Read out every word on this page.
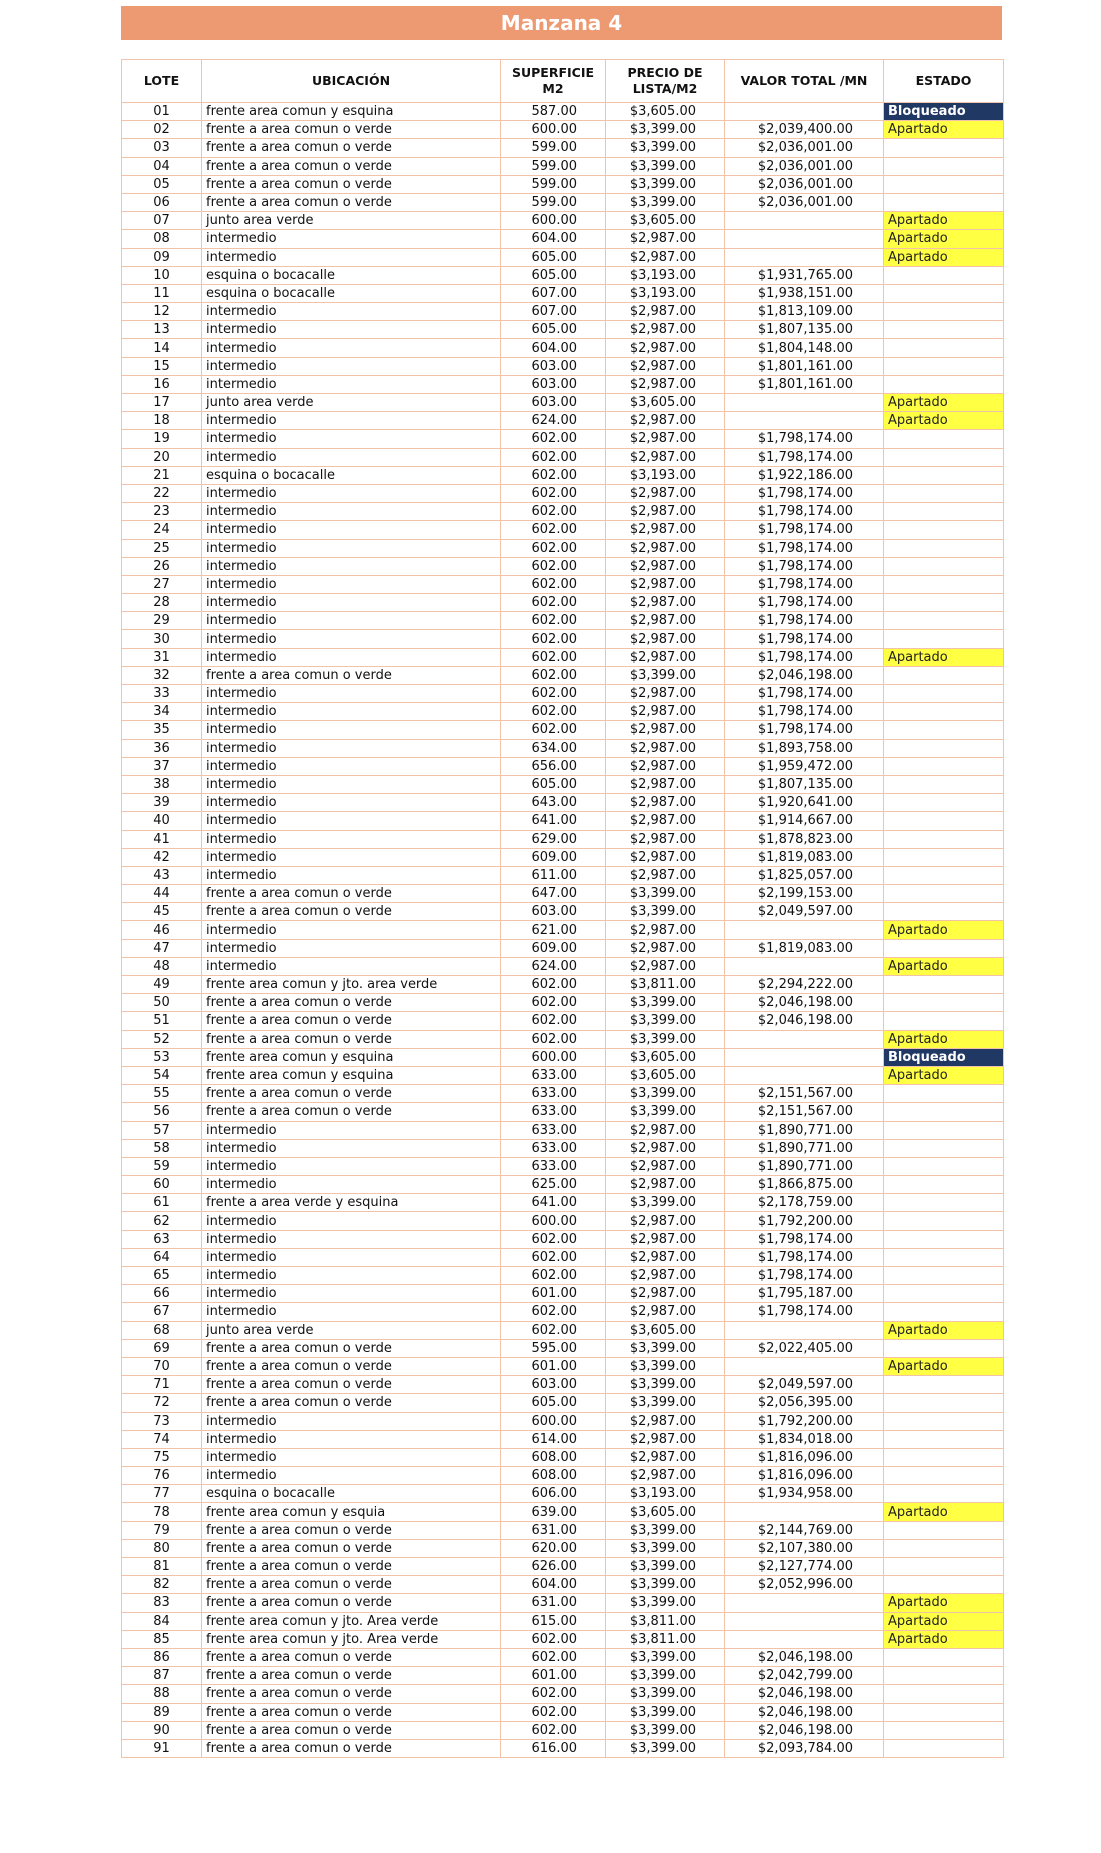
Manzana 4
LOTE	UBICACIÓN	SUPERFICIE M2	PRECIO DE LISTA/M2	VALOR TOTAL /MN	ESTADO
01	frente area comun y esquina	587.00	$3,605.00		Bloqueado
02	frente a area comun o verde	600.00	$3,399.00	$2,039,400.00	Apartado
03	frente a area comun o verde	599.00	$3,399.00	$2,036,001.00	
04	frente a area comun o verde	599.00	$3,399.00	$2,036,001.00	
05	frente a area comun o verde	599.00	$3,399.00	$2,036,001.00	
06	frente a area comun o verde	599.00	$3,399.00	$2,036,001.00	
07	junto area verde	600.00	$3,605.00		Apartado
08	intermedio	604.00	$2,987.00		Apartado
09	intermedio	605.00	$2,987.00		Apartado
10	esquina o bocacalle	605.00	$3,193.00	$1,931,765.00	
11	esquina o bocacalle	607.00	$3,193.00	$1,938,151.00	
12	intermedio	607.00	$2,987.00	$1,813,109.00	
13	intermedio	605.00	$2,987.00	$1,807,135.00	
14	intermedio	604.00	$2,987.00	$1,804,148.00	
15	intermedio	603.00	$2,987.00	$1,801,161.00	
16	intermedio	603.00	$2,987.00	$1,801,161.00	
17	junto area verde	603.00	$3,605.00		Apartado
18	intermedio	624.00	$2,987.00		Apartado
19	intermedio	602.00	$2,987.00	$1,798,174.00	
20	intermedio	602.00	$2,987.00	$1,798,174.00	
21	esquina o bocacalle	602.00	$3,193.00	$1,922,186.00	
22	intermedio	602.00	$2,987.00	$1,798,174.00	
23	intermedio	602.00	$2,987.00	$1,798,174.00	
24	intermedio	602.00	$2,987.00	$1,798,174.00	
25	intermedio	602.00	$2,987.00	$1,798,174.00	
26	intermedio	602.00	$2,987.00	$1,798,174.00	
27	intermedio	602.00	$2,987.00	$1,798,174.00	
28	intermedio	602.00	$2,987.00	$1,798,174.00	
29	intermedio	602.00	$2,987.00	$1,798,174.00	
30	intermedio	602.00	$2,987.00	$1,798,174.00	
31	intermedio	602.00	$2,987.00	$1,798,174.00	Apartado
32	frente a area comun o verde	602.00	$3,399.00	$2,046,198.00	
33	intermedio	602.00	$2,987.00	$1,798,174.00	
34	intermedio	602.00	$2,987.00	$1,798,174.00	
35	intermedio	602.00	$2,987.00	$1,798,174.00	
36	intermedio	634.00	$2,987.00	$1,893,758.00	
37	intermedio	656.00	$2,987.00	$1,959,472.00	
38	intermedio	605.00	$2,987.00	$1,807,135.00	
39	intermedio	643.00	$2,987.00	$1,920,641.00	
40	intermedio	641.00	$2,987.00	$1,914,667.00	
41	intermedio	629.00	$2,987.00	$1,878,823.00	
42	intermedio	609.00	$2,987.00	$1,819,083.00	
43	intermedio	611.00	$2,987.00	$1,825,057.00	
44	frente a area comun o verde	647.00	$3,399.00	$2,199,153.00	
45	frente a area comun o verde	603.00	$3,399.00	$2,049,597.00	
46	intermedio	621.00	$2,987.00		Apartado
47	intermedio	609.00	$2,987.00	$1,819,083.00	
48	intermedio	624.00	$2,987.00		Apartado
49	frente area comun y jto. area verde	602.00	$3,811.00	$2,294,222.00	
50	frente a area comun o verde	602.00	$3,399.00	$2,046,198.00	
51	frente a area comun o verde	602.00	$3,399.00	$2,046,198.00	
52	frente a area comun o verde	602.00	$3,399.00		Apartado
53	frente area comun y esquina	600.00	$3,605.00		Bloqueado
54	frente area comun y esquina	633.00	$3,605.00		Apartado
55	frente a area comun o verde	633.00	$3,399.00	$2,151,567.00	
56	frente a area comun o verde	633.00	$3,399.00	$2,151,567.00	
57	intermedio	633.00	$2,987.00	$1,890,771.00	
58	intermedio	633.00	$2,987.00	$1,890,771.00	
59	intermedio	633.00	$2,987.00	$1,890,771.00	
60	intermedio	625.00	$2,987.00	$1,866,875.00	
61	frente a area verde y esquina	641.00	$3,399.00	$2,178,759.00	
62	intermedio	600.00	$2,987.00	$1,792,200.00	
63	intermedio	602.00	$2,987.00	$1,798,174.00	
64	intermedio	602.00	$2,987.00	$1,798,174.00	
65	intermedio	602.00	$2,987.00	$1,798,174.00	
66	intermedio	601.00	$2,987.00	$1,795,187.00	
67	intermedio	602.00	$2,987.00	$1,798,174.00	
68	junto area verde	602.00	$3,605.00		Apartado
69	frente a area comun o verde	595.00	$3,399.00	$2,022,405.00	
70	frente a area comun o verde	601.00	$3,399.00		Apartado
71	frente a area comun o verde	603.00	$3,399.00	$2,049,597.00	
72	frente a area comun o verde	605.00	$3,399.00	$2,056,395.00	
73	intermedio	600.00	$2,987.00	$1,792,200.00	
74	intermedio	614.00	$2,987.00	$1,834,018.00	
75	intermedio	608.00	$2,987.00	$1,816,096.00	
76	intermedio	608.00	$2,987.00	$1,816,096.00	
77	esquina o bocacalle	606.00	$3,193.00	$1,934,958.00	
78	frente area comun y esquia	639.00	$3,605.00		Apartado
79	frente a area comun o verde	631.00	$3,399.00	$2,144,769.00	
80	frente a area comun o verde	620.00	$3,399.00	$2,107,380.00	
81	frente a area comun o verde	626.00	$3,399.00	$2,127,774.00	
82	frente a area comun o verde	604.00	$3,399.00	$2,052,996.00	
83	frente a area comun o verde	631.00	$3,399.00		Apartado
84	frente area comun y jto. Area verde	615.00	$3,811.00		Apartado
85	frente area comun y jto. Area verde	602.00	$3,811.00		Apartado
86	frente a area comun o verde	602.00	$3,399.00	$2,046,198.00	
87	frente a area comun o verde	601.00	$3,399.00	$2,042,799.00	
88	frente a area comun o verde	602.00	$3,399.00	$2,046,198.00	
89	frente a area comun o verde	602.00	$3,399.00	$2,046,198.00	
90	frente a area comun o verde	602.00	$3,399.00	$2,046,198.00	
91	frente a area comun o verde	616.00	$3,399.00	$2,093,784.00	
